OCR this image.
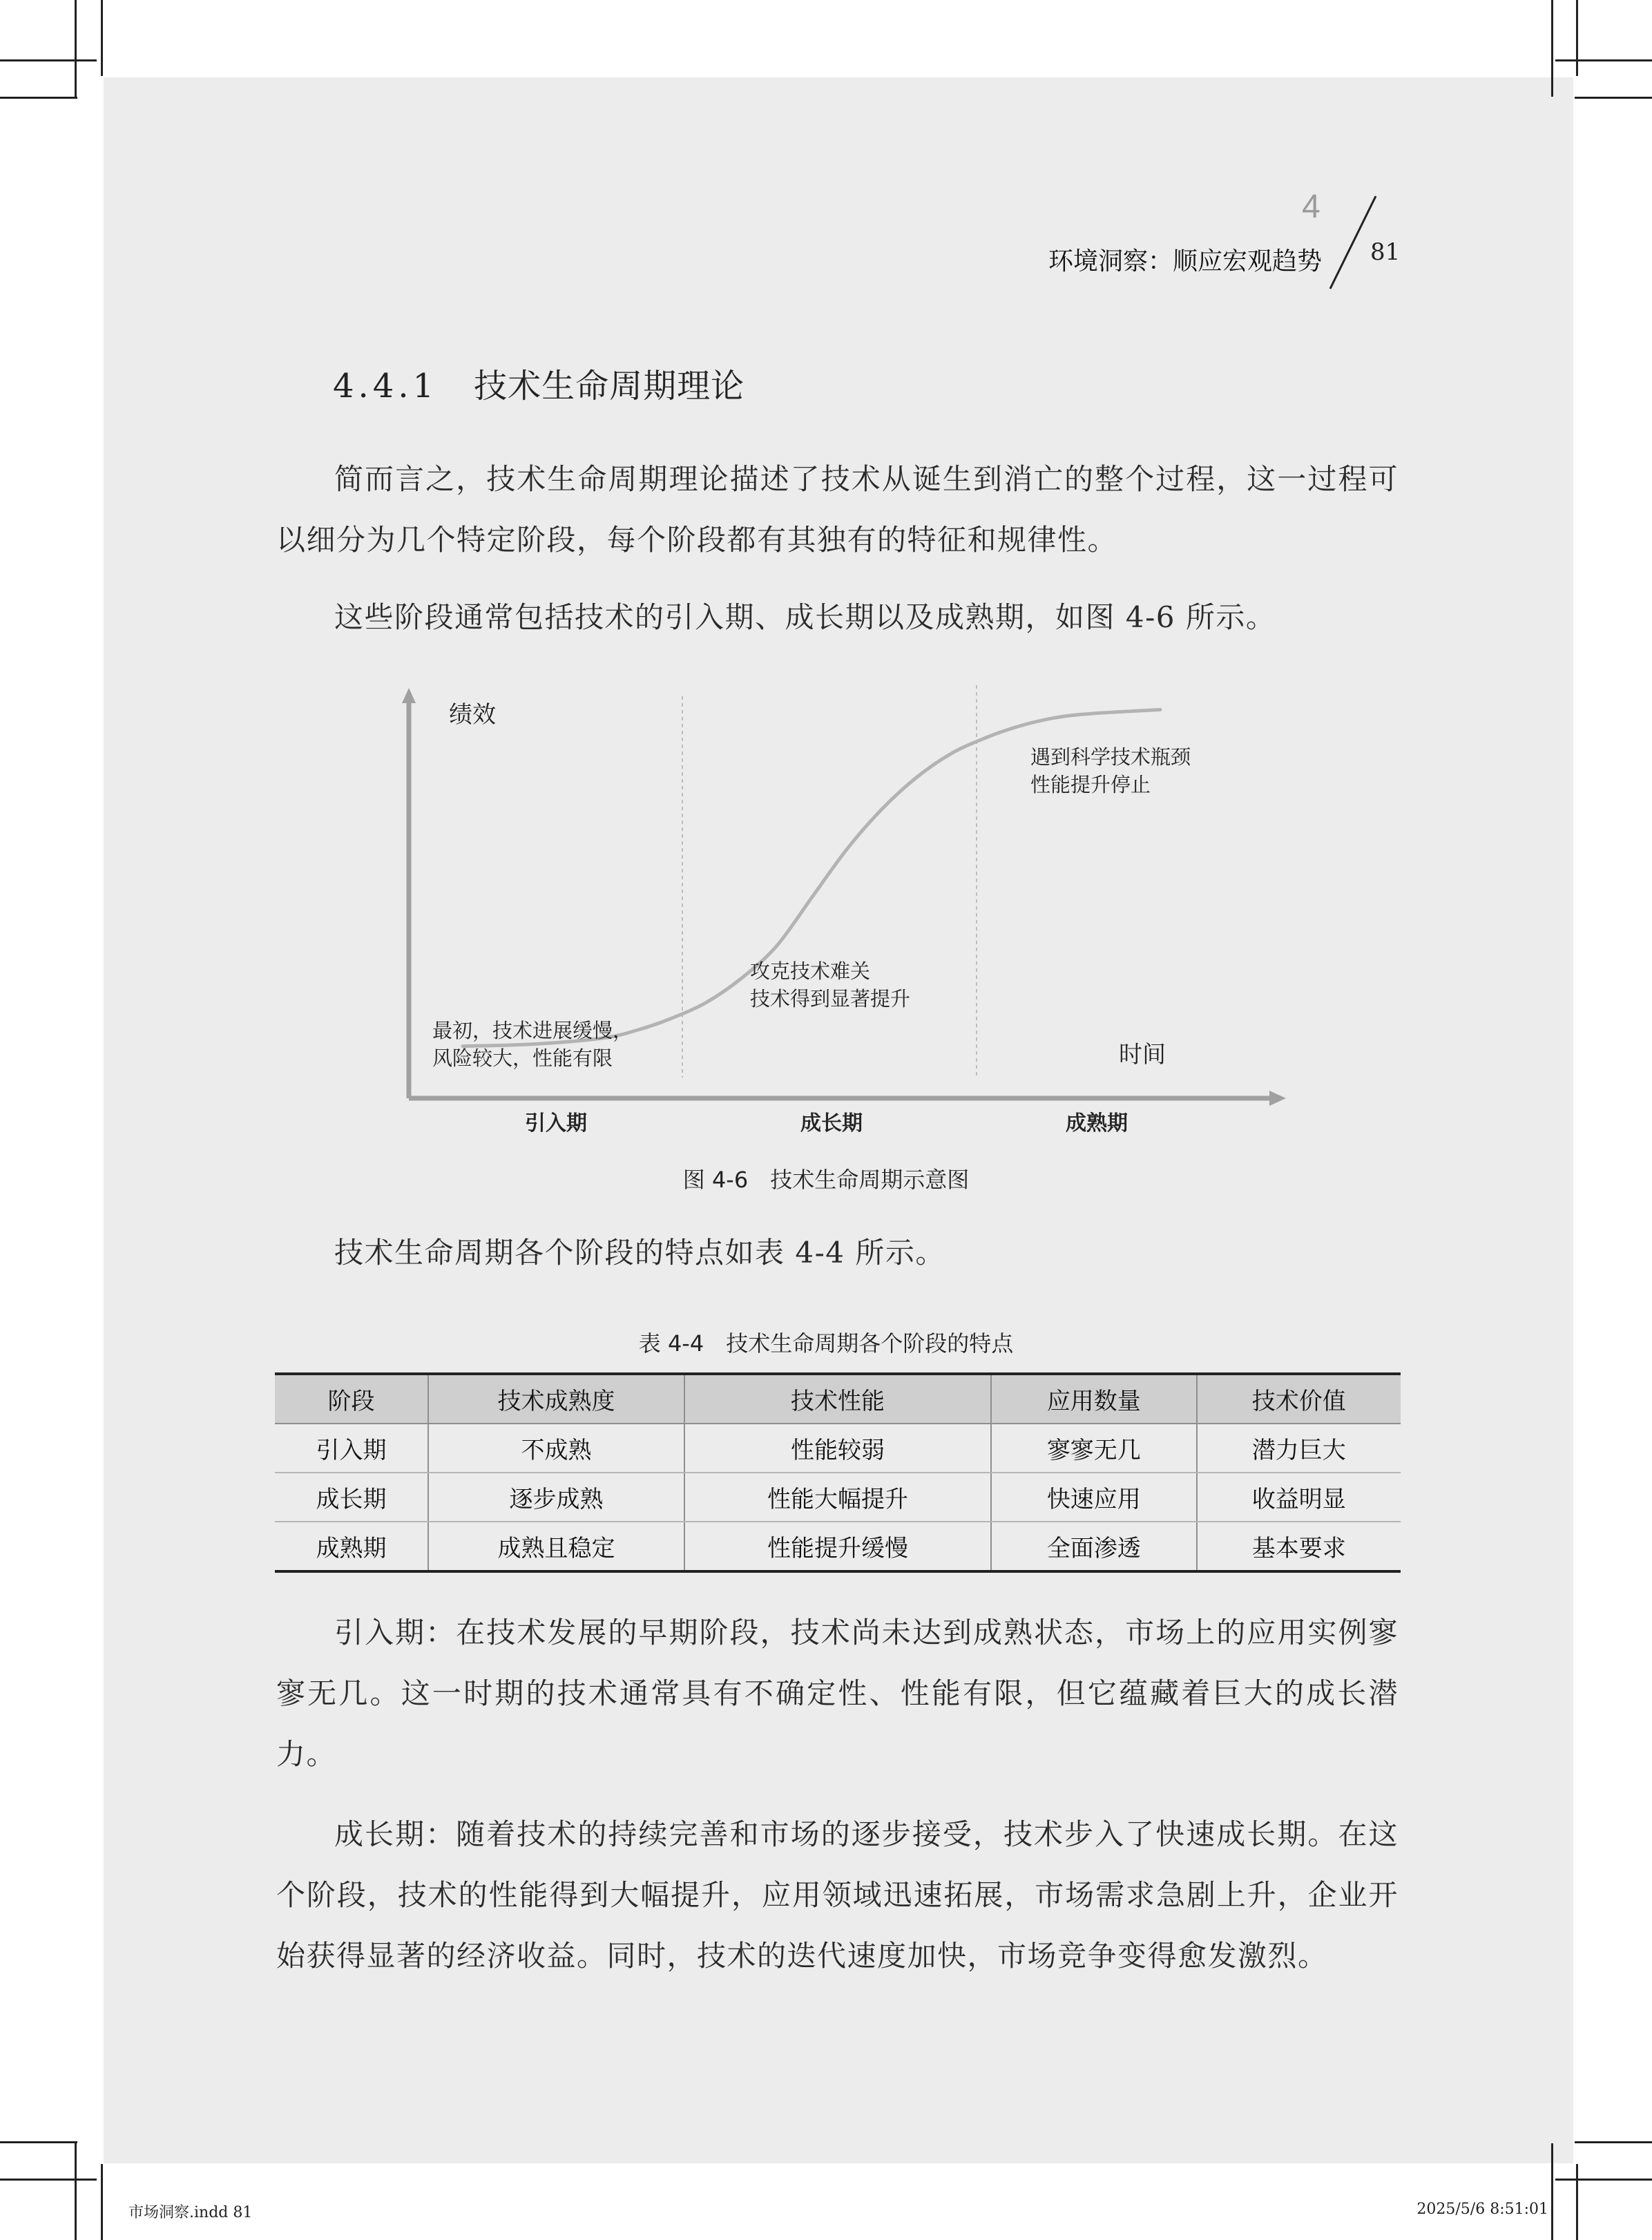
4
环境洞察：顺应宏观趋势 81
4.4.1 技术生命周期理论

简而言之，技术生命周期理论描述了技术从诞生到消亡的整个过程，这一过程可以细分为几个特定阶段，每个阶段都有其独有的特征和规律性。

这些阶段通常包括技术的引入期、成长期以及成熟期，如图 4-6 所示。

绩效
时间
最初，技术进展缓慢，
风险较大，性能有限
攻克技术难关
技术得到显著提升
遇到科学技术瓶颈
性能提升停止
引入期	成长期	成熟期
图 4-6　技术生命周期示意图

技术生命周期各个阶段的特点如表 4-4 所示。

表 4-4　技术生命周期各个阶段的特点
阶段	技术成熟度	技术性能	应用数量	技术价值
引入期	不成熟	性能较弱	寥寥无几	潜力巨大
成长期	逐步成熟	性能大幅提升	快速应用	收益明显
成熟期	成熟且稳定	性能提升缓慢	全面渗透	基本要求

引入期：在技术发展的早期阶段，技术尚未达到成熟状态，市场上的应用实例寥寥无几。这一时期的技术通常具有不确定性、性能有限，但它蕴藏着巨大的成长潜力。

成长期：随着技术的持续完善和市场的逐步接受，技术步入了快速成长期。在这个阶段，技术的性能得到大幅提升，应用领域迅速拓展，市场需求急剧上升，企业开始获得显著的经济收益。同时，技术的迭代速度加快，市场竞争变得愈发激烈。

市场洞察.indd 81	2025/5/6 8:51:01
